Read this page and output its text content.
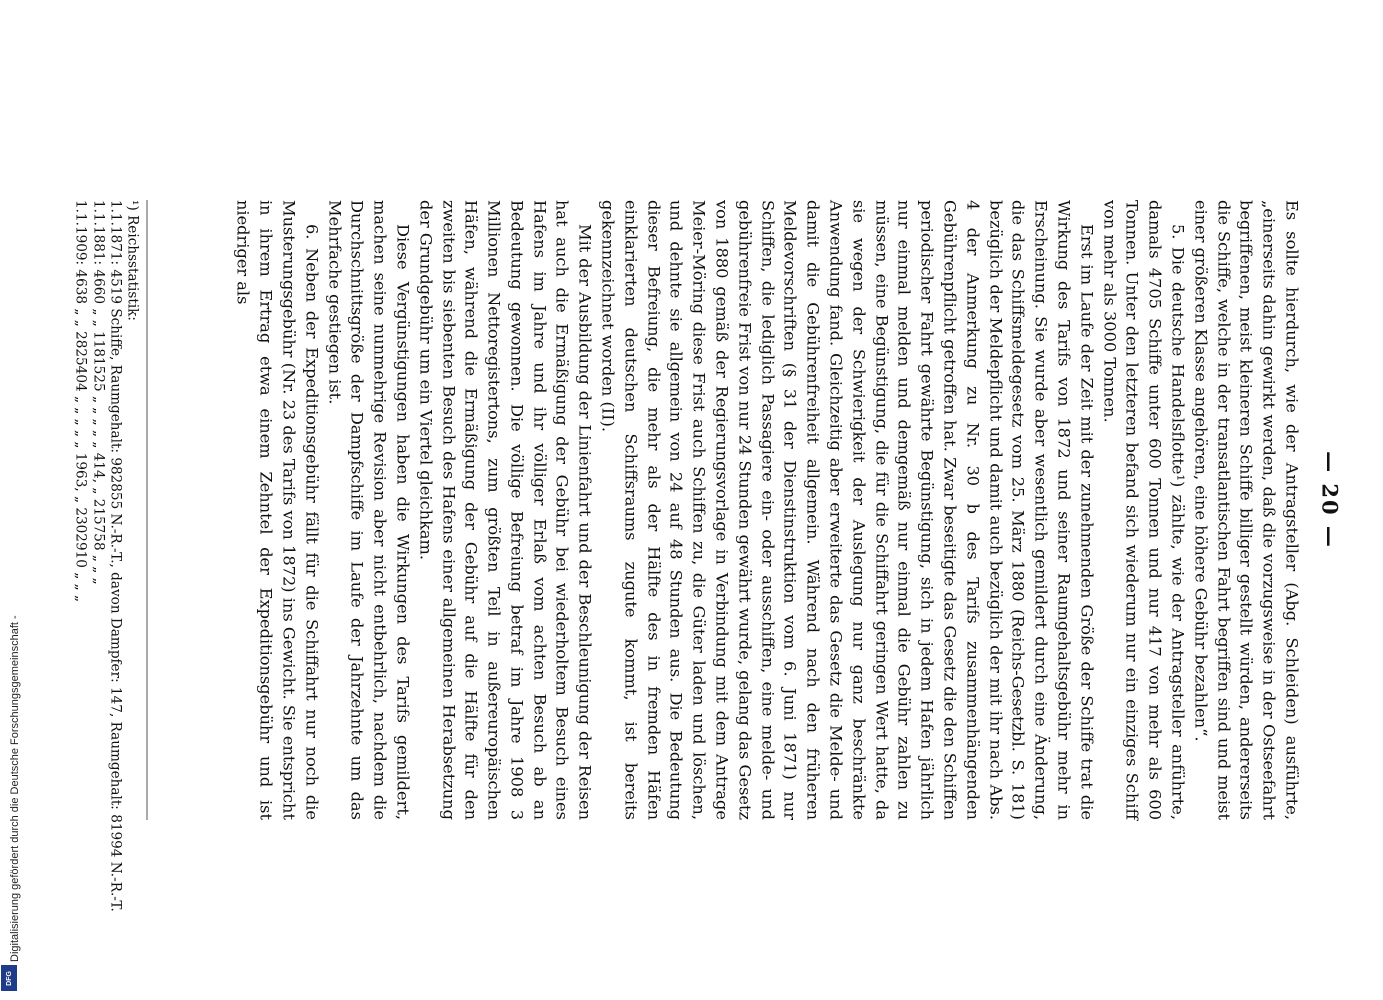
— 20 —

Es sollte hierdurch, wie der Antragsteller (Abg. Schleiden) ausführte, „einerseits dahin gewirkt werden, daß die vorzugsweise in der Ostseefahrt begriffenen, meist kleineren Schiffe billiger gestellt würden, andererseits die Schiffe, welche in der transatlantischen Fahrt begriffen sind und meist einer größeren Klasse angehören, eine höhere Gebühr bezahlen“.

5. Die deutsche Handelsflotte¹) zählte, wie der Antragsteller anführte, damals 4705 Schiffe unter 600 Tonnen und nur 417 von mehr als 600 Tonnen. Unter den letzteren befand sich wiederum nur ein einziges Schiff von mehr als 3000 Tonnen.

Erst im Laufe der Zeit mit der zunehmenden Größe der Schiffe trat die Wirkung des Tarifs von 1872 und seiner Raumgehaltsgebühr mehr in Erscheinung. Sie wurde aber wesentlich gemildert durch eine Änderung, die das Schiffsmeldegesetz vom 25. März 1880 (Reichs-Gesetzbl. S. 181) bezüglich der Meldepflicht und damit auch bezüglich der mit ihr nach Abs. 4 der Anmerkung zu Nr. 30 b des Tarifs zusammenhängenden Gebührenpflicht getroffen hat. Zwar beseitigte das Gesetz die den Schiffen periodischer Fahrt gewährte Begünstigung, sich in jedem Hafen jährlich nur einmal melden und demgemäß nur einmal die Gebühr zahlen zu müssen, eine Begünstigung, die für die Schiffahrt geringen Wert hatte, da sie wegen der Schwierigkeit der Auslegung nur ganz beschränkte Anwendung fand. Gleichzeitig aber erweiterte das Gesetz die Melde- und damit die Gebührenfreiheit allgemein. Während nach den früheren Meldevorschriften (§ 31 der Dienstinstruktion vom 6. Juni 1871) nur Schiffen, die lediglich Passagiere ein- oder ausschiffen, eine melde- und gebührenfreie Frist von nur 24 Stunden gewährt wurde, gelang das Gesetz von 1880 gemäß der Regierungsvorlage in Verbindung mit dem Antrage Meier-Möring diese Frist auch Schiffen zu, die Güter laden und löschen, und dehnte sie allgemein von 24 auf 48 Stunden aus. Die Bedeutung dieser Befreiung, die mehr als der Hälfte des in fremden Häfen einklarierten deutschen Schiffsraums zugute kommt, ist bereits gekennzeichnet worden (II).

Mit der Ausbildung der Linienfahrt und der Beschleunigung der Reisen hat auch die Ermäßigung der Gebühr bei wiederholtem Besuch eines Hafens im Jahre und ihr völliger Erlaß vom achten Besuch ab an Bedeutung gewonnen. Die völlige Befreiung betraf im Jahre 1908 3 Millionen Nettoregistertons, zum größten Teil in außereuropäischen Häfen, während die Ermäßigung der Gebühr auf die Hälfte für den zweiten bis siebenten Besuch des Hafens einer allgemeinen Herabsetzung der Grundgebühr um ein Viertel gleichkam.

Diese Vergünstigungen haben die Wirkungen des Tarifs gemildert, machen seine nunmehrige Revision aber nicht entbehrlich, nachdem die Durchschnittsgröße der Dampfschiffe im Laufe der Jahrzehnte um das Mehrfache gestiegen ist.

6. Neben der Expeditionsgebühr fällt für die Schiffahrt nur noch die Musterungsgebühr (Nr. 23 des Tarifs von 1872) ins Gewicht. Sie entspricht in ihrem Ertrag etwa einem Zehntel der Expeditionsgebühr und ist niedriger als

¹) Reichsstatistik:
1.1.1871: 4519 Schiffe, Raumgehalt: 982855 N.-R.-T., davon Dampfer: 147, Raumgehalt: 81994 N.-R.-T.
1.1.1881: 4660 „ „ 1181525 „ „ „ „ „ 414, „ 215758 „ „ „
1.1.1909: 4638 „ „ 2825404 „ „ „ „ „ 1963, „ 2302910 „ „ „
Digitalisierung gefördert durch die Deutsche Forschungsgemeinschaft -
DFG
